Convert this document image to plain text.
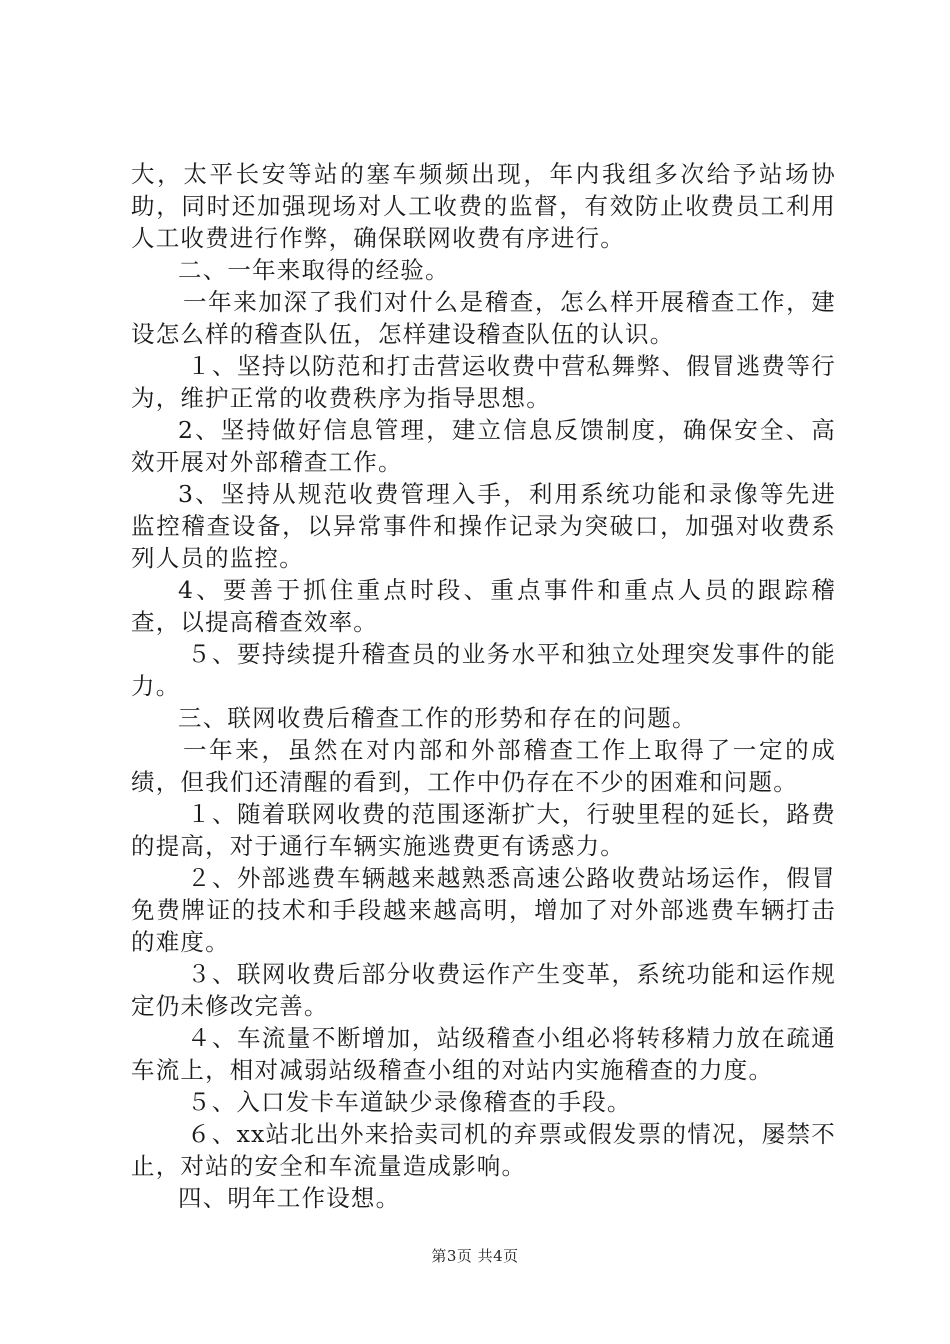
大，太平长安等站的塞车频频出现，年内我组多次给予站场协助，同时还加强现场对人工收费的监督，有效防止收费员工利用人工收费进行作弊，确保联网收费有序进行。

二、一年来取得的经验。

一年来加深了我们对什么是稽查，怎么样开展稽查工作，建设怎么样的稽查队伍，怎样建设稽查队伍的认识。

１、坚持以防范和打击营运收费中营私舞弊、假冒逃费等行为，维护正常的收费秩序为指导思想。

2、坚持做好信息管理，建立信息反馈制度，确保安全、高效开展对外部稽查工作。

3、坚持从规范收费管理入手，利用系统功能和录像等先进监控稽查设备，以异常事件和操作记录为突破口，加强对收费系列人员的监控。

4、要善于抓住重点时段、重点事件和重点人员的跟踪稽查，以提高稽查效率。

５、要持续提升稽查员的业务水平和独立处理突发事件的能力。

三、联网收费后稽查工作的形势和存在的问题。

一年来，虽然在对内部和外部稽查工作上取得了一定的成绩，但我们还清醒的看到，工作中仍存在不少的困难和问题。

１、随着联网收费的范围逐渐扩大，行驶里程的延长，路费的提高，对于通行车辆实施逃费更有诱惑力。

２、外部逃费车辆越来越熟悉高速公路收费站场运作，假冒免费牌证的技术和手段越来越高明，增加了对外部逃费车辆打击的难度。

３、联网收费后部分收费运作产生变革，系统功能和运作规定仍未修改完善。

４、车流量不断增加，站级稽查小组必将转移精力放在疏通车流上，相对减弱站级稽查小组的对站内实施稽查的力度。

５、入口发卡车道缺少录像稽查的手段。

６、xx站北出外来拾卖司机的弃票或假发票的情况，屡禁不止，对站的安全和车流量造成影响。

四、明年工作设想。

第3页 共4页
